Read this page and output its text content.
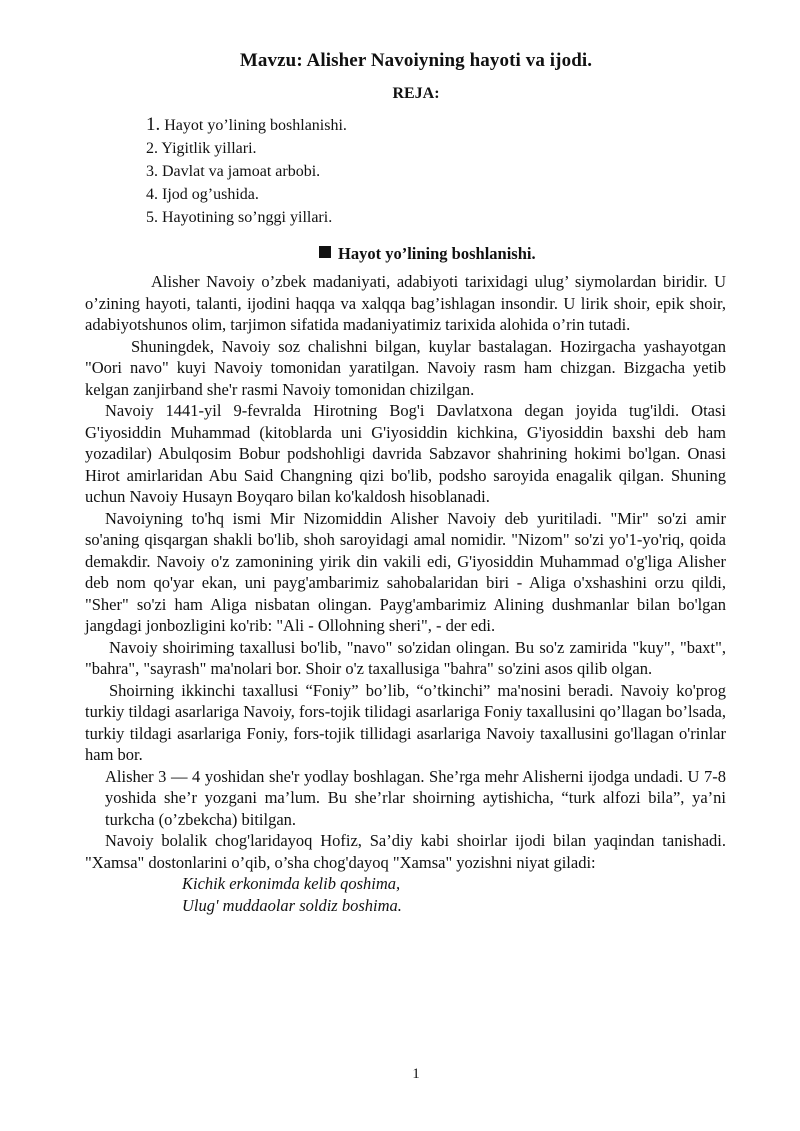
Mavzu: Alisher Navoiyning hayoti va ijodi.
REJA:
1. Hayot yo’lining boshlanishi.
2. Yigitlik yillari.
3. Davlat va jamoat arbobi.
4. Ijod og’ushida.
5. Hayotining so’nggi yillari.
Hayot yo’lining boshlanishi.

Alisher Navoiy o’zbek madaniyati, adabiyoti tarixidagi ulug’ siymolardan biridir. U o’zining hayoti, talanti, ijodini haqqa va xalqqa bag’ishlagan insondir. U lirik shoir, epik shoir, adabiyotshunos olim, tarjimon sifatida madaniyatimiz tarixida alohida o’rin tutadi.

Shuningdek, Navoiy soz chalishni bilgan, kuylar bastalagan. Hozirgacha yashayotgan "Oori navo" kuyi Navoiy tomonidan yaratilgan. Navoiy rasm ham chizgan. Bizgacha yetib kelgan zanjirband she'r rasmi Navoiy tomonidan chizilgan.

Navoiy 1441-yil 9-fevralda Hirotning Bog'i Davlatxona degan joyida tug'ildi. Otasi G'iyosiddin Muhammad (kitoblarda uni G'iyosiddin kichkina, G'iyosiddin baxshi deb ham yozadilar) Abulqosim Bobur podshohligi davrida Sabzavor shahrining hokimi bo'lgan. Onasi Hirot amirlaridan Abu Said Changning qizi bo'lib, podsho saroyida enagalik qilgan. Shuning uchun Navoiy Husayn Boyqaro bilan ko'kaldosh hisoblanadi.

Navoiyning to'hq ismi Mir Nizomiddin Alisher Navoiy deb yuritiladi. "Mir" so'zi amir so'aning qisqargan shakli bo'lib, shoh saroyidagi amal nomidir. "Nizom" so'zi yo'1-yo'riq, qoida demakdir. Navoiy o'z zamonining yirik din vakili edi, G'iyosiddin Muhammad o'g'liga Alisher deb nom qo'yar ekan, uni payg'ambarimiz sahobalaridan biri - Aliga o'xshashini orzu qildi, "Sher" so'zi ham Aliga nisbatan olingan. Payg'ambarimiz Alining dushmanlar bilan bo'lgan jangdagi jonbozligini ko'rib: "Ali - Ollohning sheri", - der edi.

Navoiy shoiriming taxallusi bo'lib, "navo" so'zidan olingan. Bu so'z zamirida "kuy", "baxt", "bahra", "sayrash" ma'nolari bor. Shoir o'z taxallusiga "bahra" so'zini asos qilib olgan.

Shoirning ikkinchi taxallusi “Foniy” bo’lib, “o’tkinchi” ma'nosini beradi. Navoiy ko'prog turkiy tildagi asarlariga Navoiy, fors-tojik tilidagi asarlariga Foniy taxallusini qo’llagan bo’lsada, turkiy tildagi asarlariga Foniy, fors-tojik tillidagi asarlariga Navoiy taxallusini go'llagan o'rinlar ham bor.

Alisher 3 — 4 yoshidan she'r yodlay boshlagan. She’rga mehr Alisherni ijodga undadi. U 7-8 yoshida she’r yozgani ma’lum. Bu she’rlar shoirning aytishicha, “turk alfozi bila”, ya’ni turkcha (o’zbekcha) bitilgan.

Navoiy bolalik chog'laridayoq Hofiz, Sa’diy kabi shoirlar ijodi bilan yaqindan tanishadi. "Xamsa" dostonlarini o’qib, o’sha chog'dayoq "Xamsa" yozishni niyat giladi:

Kichik erkonimda kelib qoshima,

Ulug' muddaolar soldiz boshima.

1
